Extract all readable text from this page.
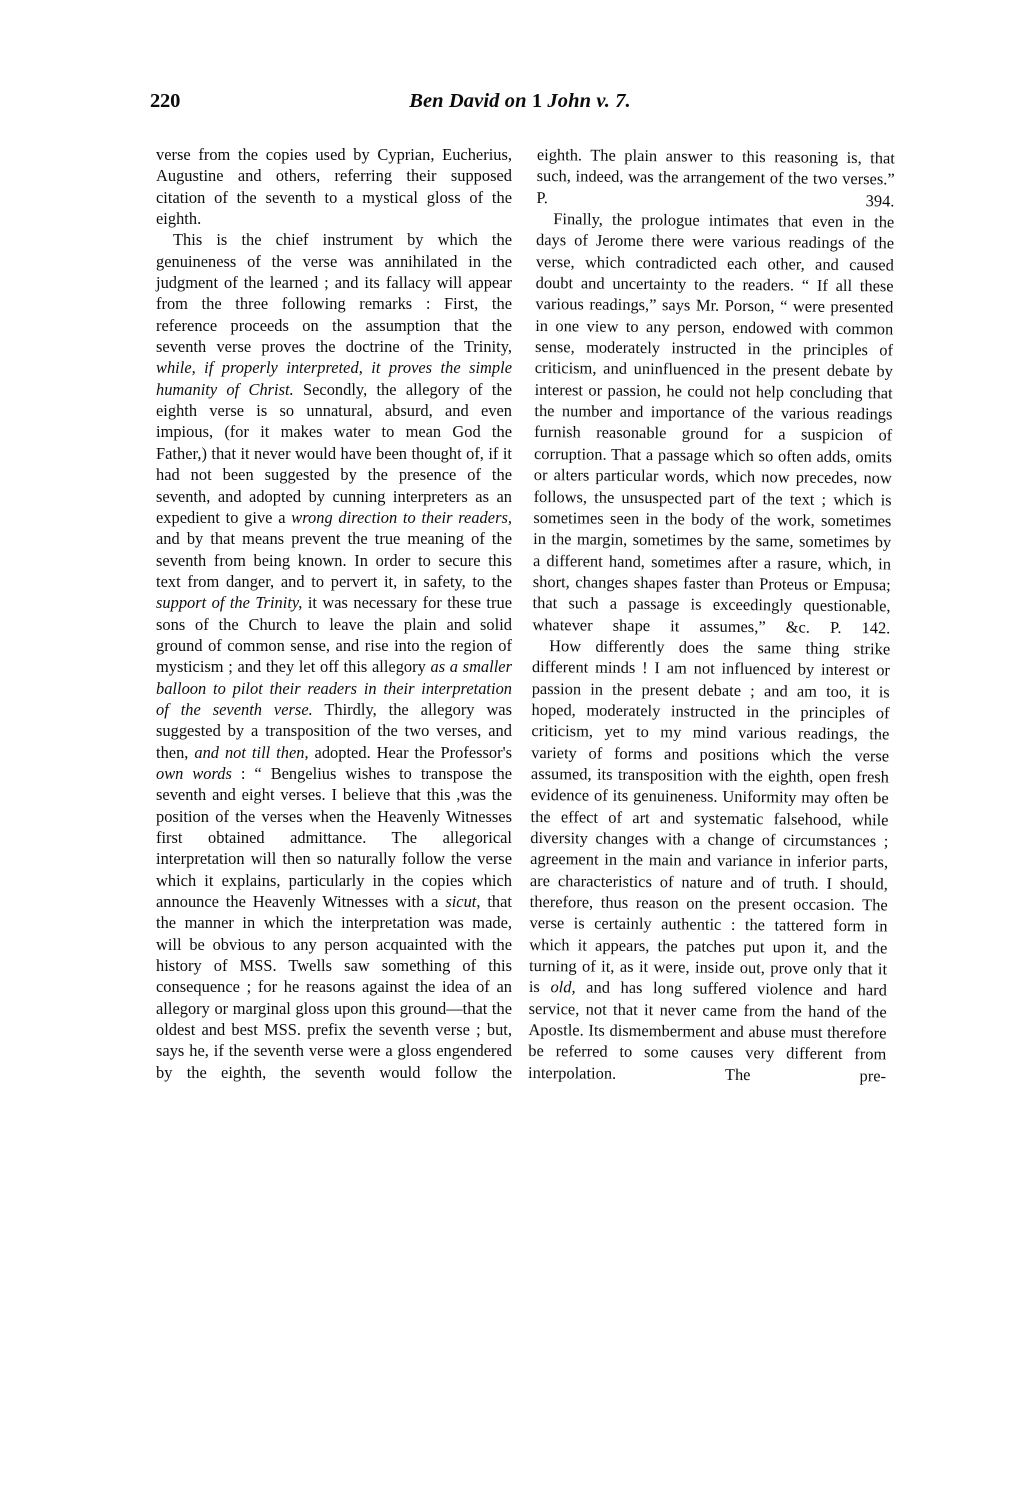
220	Ben David on 1 John v. 7.

verse from the copies used by Cyprian, Eucherius, Augustine and others, referring their supposed citation of the seventh to a mystical gloss of the eighth.

This is the chief instrument by which the genuineness of the verse was annihilated in the judgment of the learned ; and its fallacy will appear from the three following remarks : First, the reference proceeds on the assumption that the seventh verse proves the doctrine of the Trinity, while, if properly interpreted, it proves the simple humanity of Christ. Secondly, the allegory of the eighth verse is so unnatural, absurd, and even impious, (for it makes water to mean God the Father,) that it never would have been thought of, if it had not been suggested by the presence of the seventh, and adopted by cunning interpreters as an expedient to give a wrong direction to their readers, and by that means prevent the true meaning of the seventh from being known. In order to secure this text from danger, and to pervert it, in safety, to the support of the Trinity, it was necessary for these true sons of the Church to leave the plain and solid ground of common sense, and rise into the region of mysticism ; and they let off this allegory as a smaller balloon to pilot their readers in their interpretation of the seventh verse. Thirdly, the allegory was suggested by a transposition of the two verses, and then, and not till then, adopted. Hear the Professor's own words : “ Bengelius wishes to transpose the seventh and eight verses. I believe that this ,was the position of the verses when the Heavenly Witnesses first obtained admittance. The allegorical interpretation will then so naturally follow the verse which it explains, particularly in the copies which announce the Heavenly Witnesses with a sicut, that the manner in which the interpretation was made, will be obvious to any person acquainted with the history of MSS. Twells saw something of this consequence ; for he reasons against the idea of an allegory or marginal gloss upon this ground—that the oldest and best MSS. prefix the seventh verse ; but, says he, if the seventh verse were a gloss engendered by the eighth, the seventh would follow the

eighth. The plain answer to this reasoning is, that such, indeed, was the arrangement of the two verses.” P. 394.

Finally, the prologue intimates that even in the days of Jerome there were various readings of the verse, which contradicted each other, and caused doubt and uncertainty to the readers. “ If all these various readings,” says Mr. Porson, “ were presented in one view to any person, endowed with common sense, moderately instructed in the principles of criticism, and uninfluenced in the present debate by interest or passion, he could not help concluding that the number and importance of the various readings furnish reasonable ground for a suspicion of corruption. That a passage which so often adds, omits or alters particular words, which now precedes, now follows, the unsuspected part of the text ; which is sometimes seen in the body of the work, sometimes in the margin, sometimes by the same, sometimes by a different hand, sometimes after a rasure, which, in short, changes shapes faster than Proteus or Empusa; that such a passage is exceedingly questionable, whatever shape it assumes,” &c. P. 142.

How differently does the same thing strike different minds ! I am not influenced by interest or passion in the present debate ; and am too, it is hoped, moderately instructed in the principles of criticism, yet to my mind various readings, the variety of forms and positions which the verse assumed, its transposition with the eighth, open fresh evidence of its genuineness. Uniformity may often be the effect of art and systematic falsehood, while diversity changes with a change of circumstances ; agreement in the main and variance in inferior parts, are characteristics of nature and of truth. I should, therefore, thus reason on the present occasion. The verse is certainly authentic : the tattered form in which it appears, the patches put upon it, and the turning of it, as it were, inside out, prove only that it is old, and has long suffered violence and hard service, not that it never came from the hand of the Apostle. Its dismemberment and abuse must therefore be referred to some causes very different from interpolation. The pre-
